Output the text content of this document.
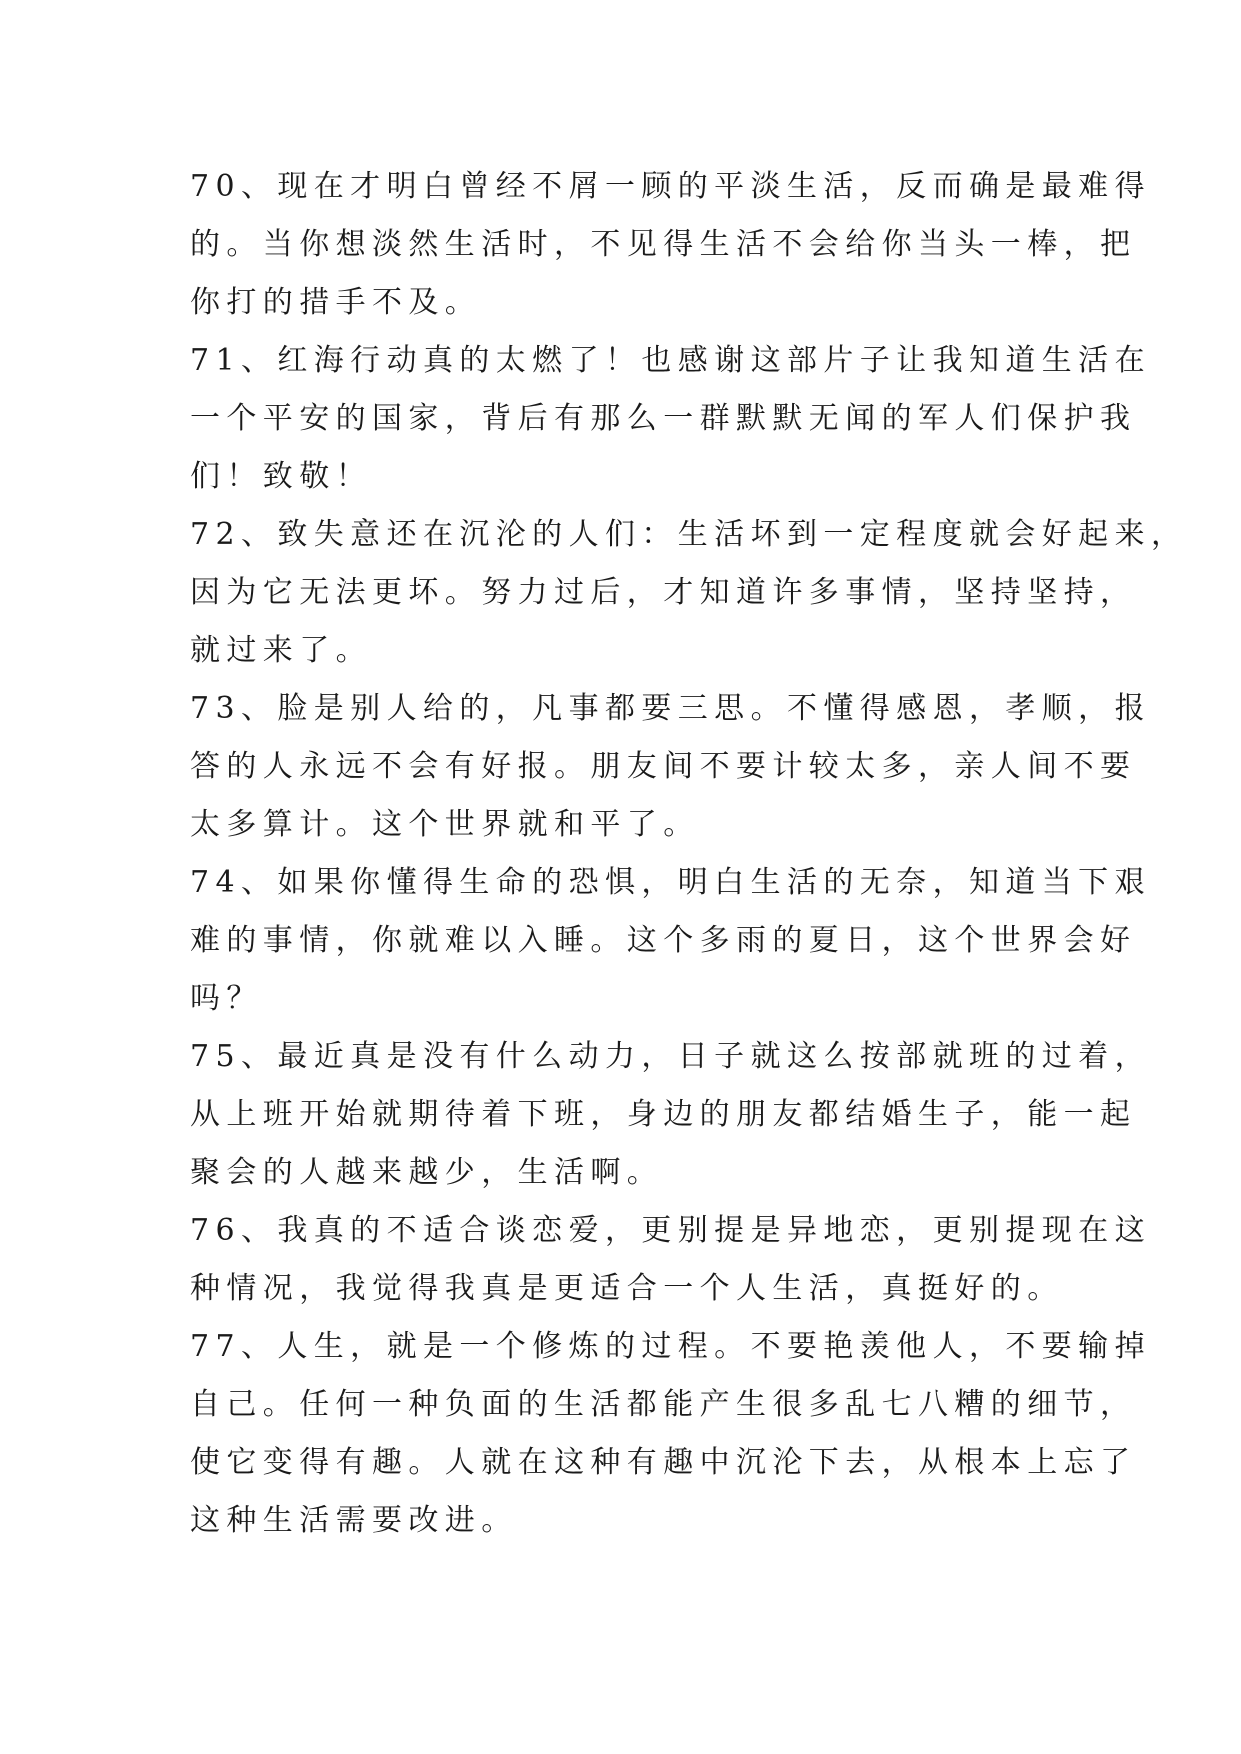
70、现在才明白曾经不屑一顾的平淡生活，反而确是最难得
的。当你想淡然生活时，不见得生活不会给你当头一棒，把
你打的措手不及。
71、红海行动真的太燃了！也感谢这部片子让我知道生活在
一个平安的国家，背后有那么一群默默无闻的军人们保护我
们！致敬！
72、致失意还在沉沦的人们：生活坏到一定程度就会好起来，
因为它无法更坏。努力过后，才知道许多事情，坚持坚持，
就过来了。
73、脸是别人给的，凡事都要三思。不懂得感恩，孝顺，报
答的人永远不会有好报。朋友间不要计较太多，亲人间不要
太多算计。这个世界就和平了。
74、如果你懂得生命的恐惧，明白生活的无奈，知道当下艰
难的事情，你就难以入睡。这个多雨的夏日，这个世界会好
吗？
75、最近真是没有什么动力，日子就这么按部就班的过着，
从上班开始就期待着下班，身边的朋友都结婚生子，能一起
聚会的人越来越少，生活啊。
76、我真的不适合谈恋爱，更别提是异地恋，更别提现在这
种情况，我觉得我真是更适合一个人生活，真挺好的。
77、人生，就是一个修炼的过程。不要艳羡他人，不要输掉
自己。任何一种负面的生活都能产生很多乱七八糟的细节，
使它变得有趣。人就在这种有趣中沉沦下去，从根本上忘了
这种生活需要改进。
